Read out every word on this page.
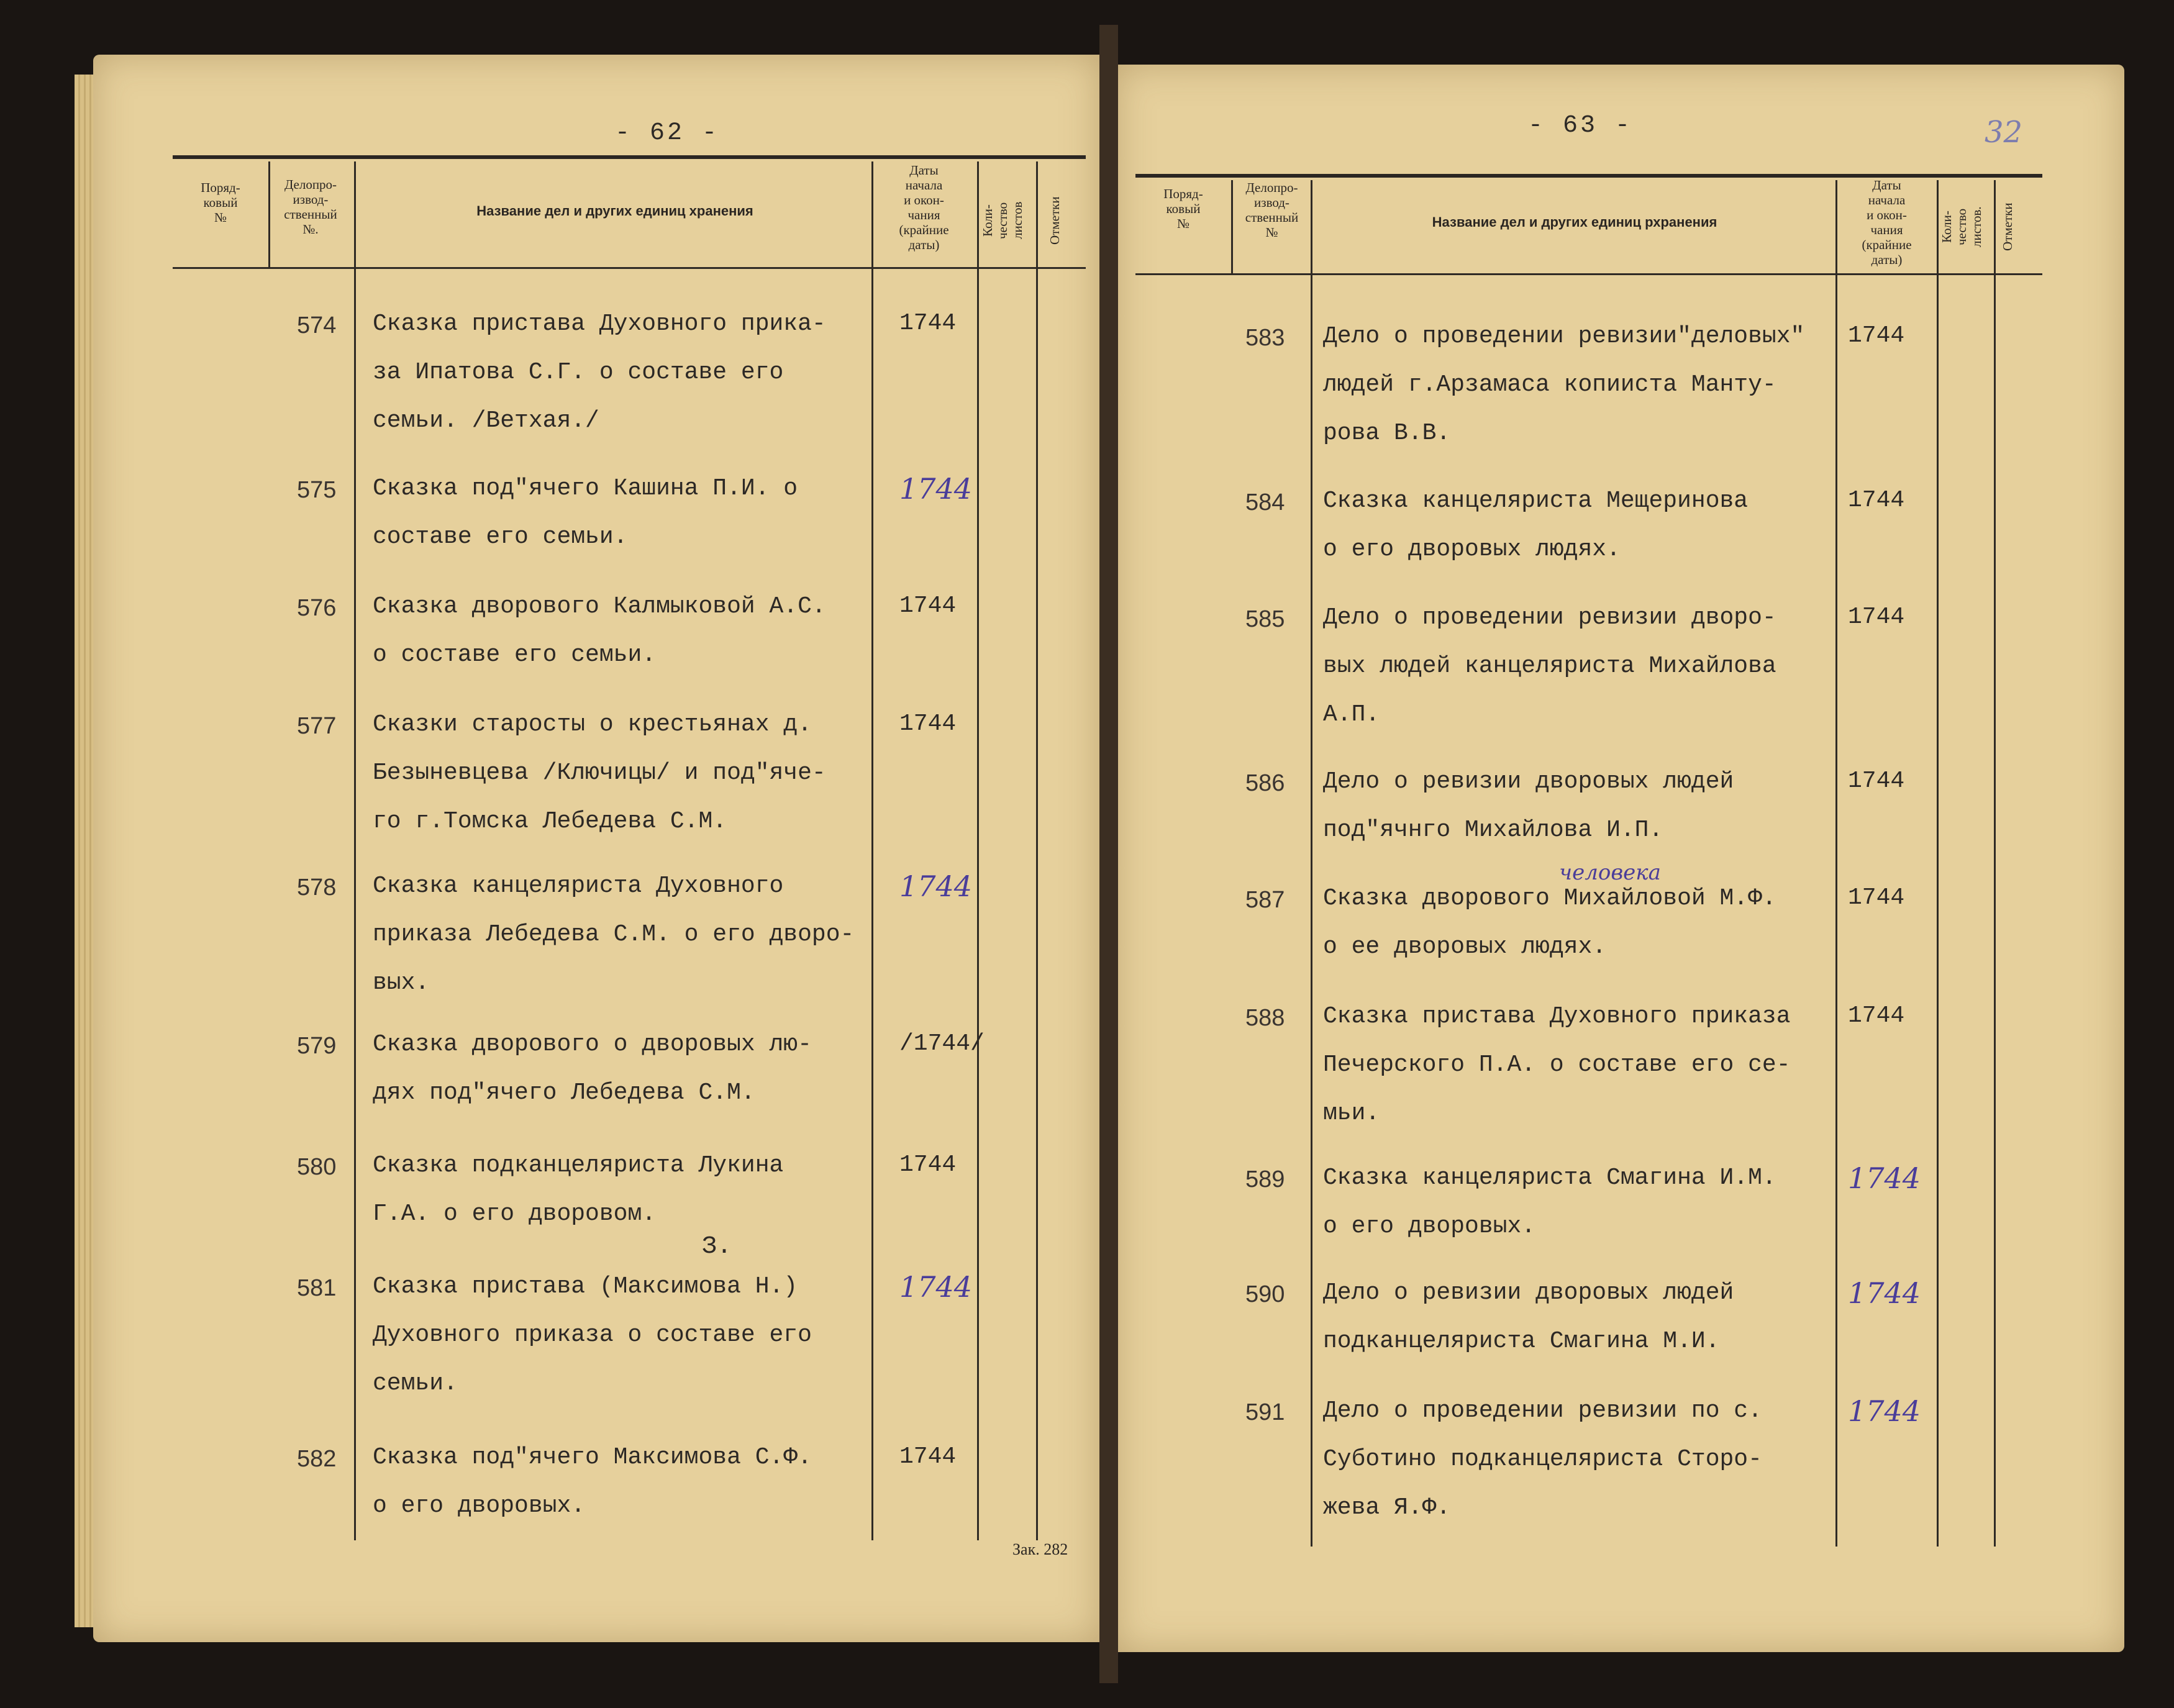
- 62 -
Поряд-
ковый
№
Делопро-
извод-
ственный
№.
Название дел и других единиц хранения
Даты
начала
и окон-
чания
(крайние
даты)
Коли-
чество
листов	Отметки
574 Сказка пристава Духовного прика-
за Ипатова С.Г. о составе его
семьи. /Ветхая./
1744
575 Сказка под"ячего Кашина П.И. о
составе его семьи.
1744
576 Сказка дворового Калмыковой А.С.
о составе его семьи.
1744
577 Сказки старосты о крестьянах д.
Безыневцева /Ключицы/ и под"яче-
го г.Томска Лебедева С.М.
1744
578 Сказка канцеляриста Духовного
приказа Лебедева С.М. о его дворо-
вых.
1744
579 Сказка дворового о дворовых лю-
дях под"ячего Лебедева С.М.
/1744/
580 Сказка подканцеляриста Лукина
Г.А. о его дворовом.
1744
581 Сказка пристава (Максимова Н.)
Духовного приказа о составе его
семьи.
1744
582 Сказка под"ячего Максимова С.Ф.
о его дворовых.
1744
З.
Зак. 282
- 63 -	32
Поряд-
ковый
№
Делопро-
извод-
ственный
№
Название дел и других единиц рхранения
Даты
начала
и окон-
чания
(крайние
даты)
Коли-
чество
листов.	Отметки
583 Дело о проведении ревизии"деловых"
людей г.Арзамаса копииста Манту-
рова В.В.
1744
584 Сказка канцеляриста Мещеринова
о его дворовых людях.
1744
585 Дело о проведении ревизии дворо-
вых людей канцеляриста Михайлова
А.П.
1744
586 Дело о ревизии дворовых людей
под"ячнго Михайлова И.П.
1744
587 Сказка дворового Михайловой М.Ф.
о ее дворовых людях.
1744
588 Сказка пристава Духовного приказа
Печерского П.А. о составе его се-
мьи.
1744
589 Сказка канцеляриста Смагина И.М.
о его дворовых.
1744
590 Дело о ревизии дворовых людей
подканцеляриста Смагина М.И.
1744
591 Дело о проведении ревизии по с.
Суботино подканцеляриста Сторо-
жева Я.Ф.
1744
человека
